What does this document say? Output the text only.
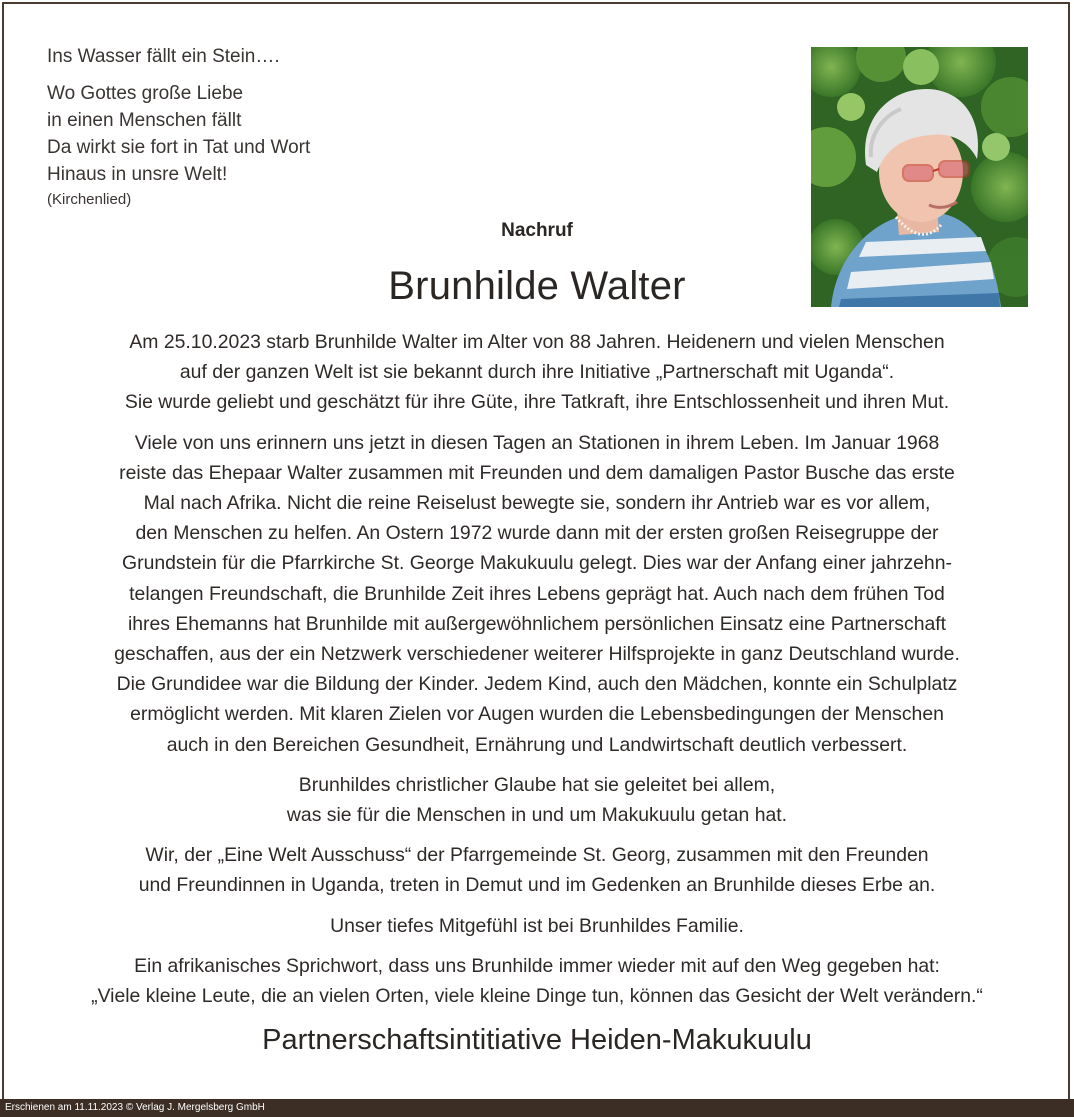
Ins Wasser fällt ein Stein….
Wo Gottes große Liebe
in einen Menschen fällt
Da wirkt sie fort in Tat und Wort
Hinaus in unsre Welt!
(Kirchenlied)
Nachruf
Brunhilde Walter
Am 25.10.2023 starb Brunhilde Walter im Alter von 88 Jahren. Heidenern und vielen Menschen
auf der ganzen Welt ist sie bekannt durch ihre Initiative „Partnerschaft mit Uganda“.
Sie wurde geliebt und geschätzt für ihre Güte, ihre Tatkraft, ihre Entschlossenheit und ihren Mut.
Viele von uns erinnern uns jetzt in diesen Tagen an Stationen in ihrem Leben. Im Januar 1968
reiste das Ehepaar Walter zusammen mit Freunden und dem damaligen Pastor Busche das erste
Mal nach Afrika. Nicht die reine Reiselust bewegte sie, sondern ihr Antrieb war es vor allem,
den Menschen zu helfen. An Ostern 1972 wurde dann mit der ersten großen Reisegruppe der
Grundstein für die Pfarrkirche St. George Makukuulu gelegt. Dies war der Anfang einer jahrzehn-
telangen Freundschaft, die Brunhilde Zeit ihres Lebens geprägt hat. Auch nach dem frühen Tod
ihres Ehemanns hat Brunhilde mit außergewöhnlichem persönlichen Einsatz eine Partnerschaft
geschaffen, aus der ein Netzwerk verschiedener weiterer Hilfsprojekte in ganz Deutschland wurde.
Die Grundidee war die Bildung der Kinder. Jedem Kind, auch den Mädchen, konnte ein Schulplatz
ermöglicht werden. Mit klaren Zielen vor Augen wurden die Lebensbedingungen der Menschen
auch in den Bereichen Gesundheit, Ernährung und Landwirtschaft deutlich verbessert.
Brunhildes christlicher Glaube hat sie geleitet bei allem,
was sie für die Menschen in und um Makukuulu getan hat.
Wir, der „Eine Welt Ausschuss“ der Pfarrgemeinde St. Georg, zusammen mit den Freunden
und Freundinnen in Uganda, treten in Demut und im Gedenken an Brunhilde dieses Erbe an.
Unser tiefes Mitgefühl ist bei Brunhildes Familie.
Ein afrikanisches Sprichwort, dass uns Brunhilde immer wieder mit auf den Weg gegeben hat:
„Viele kleine Leute, die an vielen Orten, viele kleine Dinge tun, können das Gesicht der Welt verändern.“
Partnerschaftsintitiative Heiden-Makukuulu
Erschienen am 11.11.2023 © Verlag J. Mergelsberg GmbH
